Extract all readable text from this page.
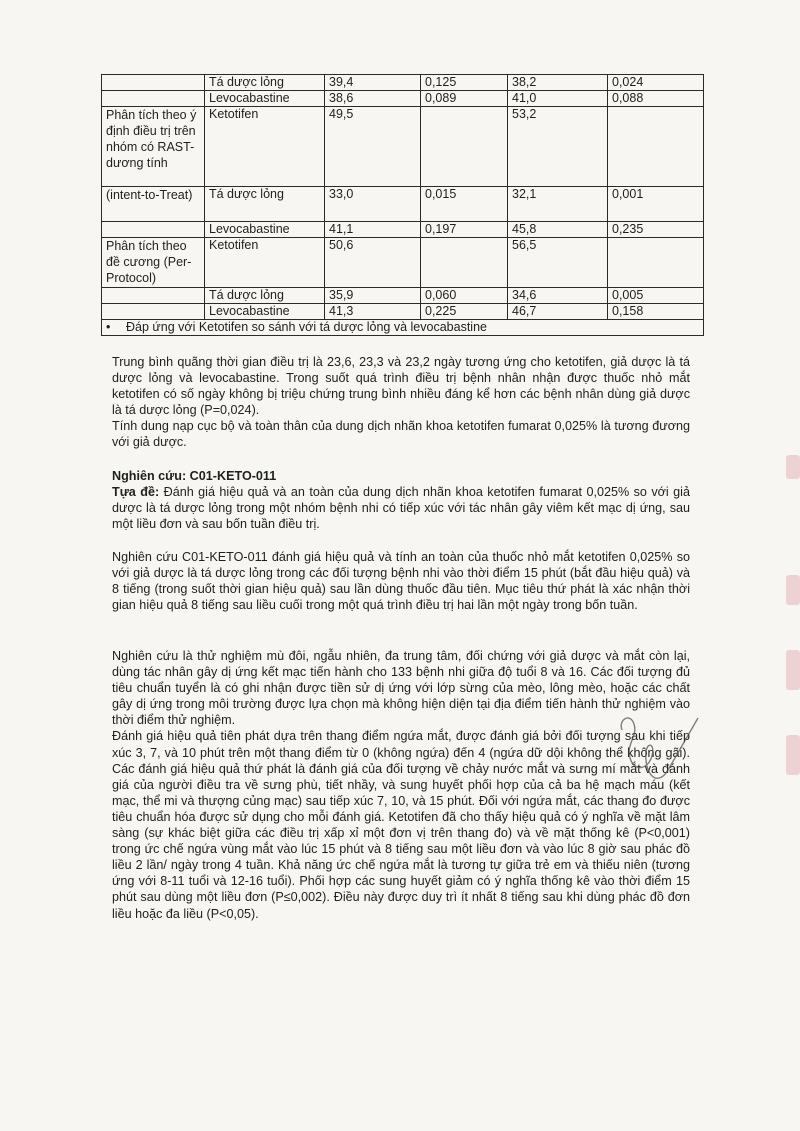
	Tá dược lỏng	39,4	0,125	38,2	0,024
	Levocabastine	38,6	0,089	41,0	0,088
Phân tích theo ý định điều trị trên nhóm có RAST- dương tính	Ketotifen	49,5		53,2	
(intent-to-Treat)	Tá dược lỏng	33,0	0,015	32,1	0,001
	Levocabastine	41,1	0,197	45,8	0,235
Phân tích theo đề cương (Per-Protocol)	Ketotifen	50,6		56,5	
	Tá dược lỏng	35,9	0,060	34,6	0,005
	Levocabastine	41,3	0,225	46,7	0,158
• Đáp ứng với Ketotifen so sánh với tá dược lỏng và levocabastine					

Trung bình quãng thời gian điều trị là 23,6, 23,3 và 23,2 ngày tương ứng cho ketotifen, giả dược là tá dược lỏng và levocabastine. Trong suốt quá trình điều trị bệnh nhân nhận được thuốc nhỏ mắt ketotifen có số ngày không bị triệu chứng trung bình nhiều đáng kể hơn các bệnh nhân dùng giả dược là tá dược lỏng (P=0,024).

Tính dung nạp cục bộ và toàn thân của dung dịch nhãn khoa ketotifen fumarat 0,025% là tương đương với giả dược.

Nghiên cứu: C01-KETO-011

Tựa đề: Đánh giá hiệu quả và an toàn của dung dịch nhãn khoa ketotifen fumarat 0,025% so với giả dược là tá dược lỏng trong một nhóm bệnh nhi có tiếp xúc với tác nhân gây viêm kết mạc dị ứng, sau một liều đơn và sau bốn tuần điều trị.

Nghiên cứu C01-KETO-011 đánh giá hiệu quả và tính an toàn của thuốc nhỏ mắt ketotifen 0,025% so với giả dược là tá dược lỏng trong các đối tượng bệnh nhi vào thời điểm 15 phút (bắt đầu hiệu quả) và 8 tiếng (trong suốt thời gian hiệu quả) sau lần dùng thuốc đầu tiên. Mục tiêu thứ phát là xác nhận thời gian hiệu quả 8 tiếng sau liều cuối trong một quá trình điều trị hai lần một ngày trong bốn tuần.

Nghiên cứu là thử nghiệm mù đôi, ngẫu nhiên, đa trung tâm, đối chứng với giả dược và mắt còn lại, dùng tác nhân gây dị ứng kết mạc tiến hành cho 133 bệnh nhi giữa độ tuổi 8 và 16. Các đối tượng đủ tiêu chuẩn tuyển là có ghi nhận được tiền sử dị ứng với lớp sừng của mèo, lông mèo, hoặc các chất gây dị ứng trong môi trường được lựa chọn mà không hiện diện tại địa điểm tiến hành thử nghiệm vào thời điểm thử nghiệm.

Đánh giá hiệu quả tiên phát dựa trên thang điểm ngứa mắt, được đánh giá bởi đối tượng sau khi tiếp xúc 3, 7, và 10 phút trên một thang điểm từ 0 (không ngứa) đến 4 (ngứa dữ dội không thể không gãi). Các đánh giá hiệu quả thứ phát là đánh giá của đối tượng về chảy nước mắt và sưng mí mắt và đánh giá của người điều tra về sưng phù, tiết nhầy, và sung huyết phối hợp của cả ba hệ mạch máu (kết mạc, thể mi và thượng củng mạc) sau tiếp xúc 7, 10, và 15 phút. Đối với ngứa mắt, các thang đo được tiêu chuẩn hóa được sử dụng cho mỗi đánh giá. Ketotifen đã cho thấy hiệu quả có ý nghĩa về mặt lâm sàng (sự khác biệt giữa các điều trị xấp xỉ một đơn vị trên thang đo) và về mặt thống kê (P<0,001) trong ức chế ngứa vùng mắt vào lúc 15 phút và 8 tiếng sau một liều đơn và vào lúc 8 giờ sau phác đồ liều 2 lần/ ngày trong 4 tuần. Khả năng ức chế ngứa mắt là tương tự giữa trẻ em và thiếu niên (tương ứng với 8-11 tuổi và 12-16 tuổi). Phối hợp các sung huyết giảm có ý nghĩa thống kê vào thời điểm 15 phút sau dùng một liều đơn (P≤0,002). Điều này được duy trì ít nhất 8 tiếng sau khi dùng phác đồ đơn liều hoặc đa liều (P<0,05).
